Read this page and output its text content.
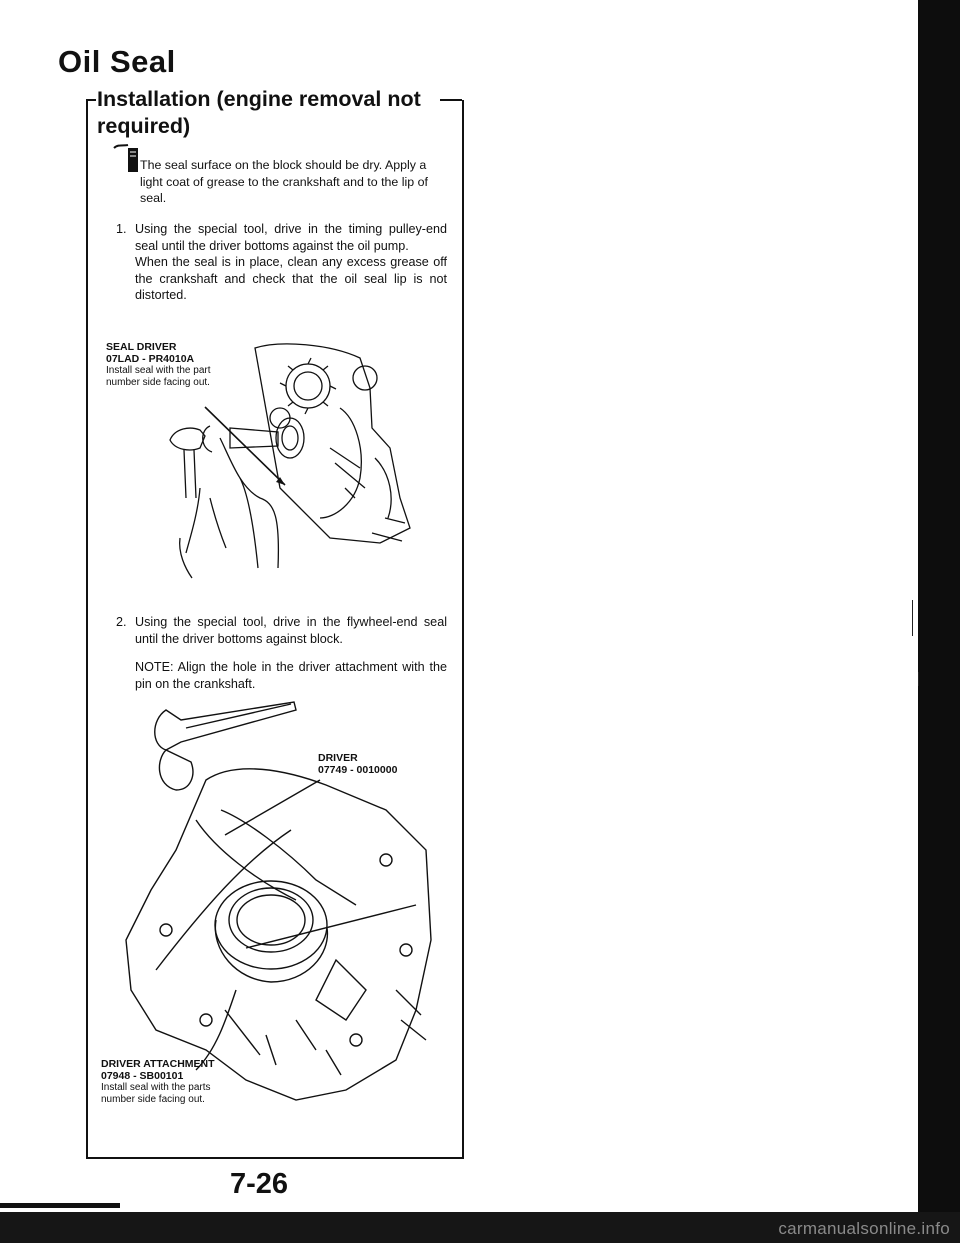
carmanualsonline.info
Oil Seal
Installation (engine removal not required)
The seal surface on the block should be dry. Apply a light coat of grease to the crankshaft and to the lip of seal.
1. Using the special tool, drive in the timing pulley-end seal until the driver bottoms against the oil pump.

When the seal is in place, clean any excess grease off the crankshaft and check that the oil seal lip is not distorted.

SEAL DRIVER
07LAD - PR4010A
Install seal with the part number side facing out.
2. Using the special tool, drive in the flywheel-end seal until the driver bottoms against block.

NOTE: Align the hole in the driver attachment with the pin on the crankshaft.

DRIVER
07749 - 0010000
DRIVER ATTACHMENT
07948 - SB00101
Install seal with the parts number side facing out.
7-26
